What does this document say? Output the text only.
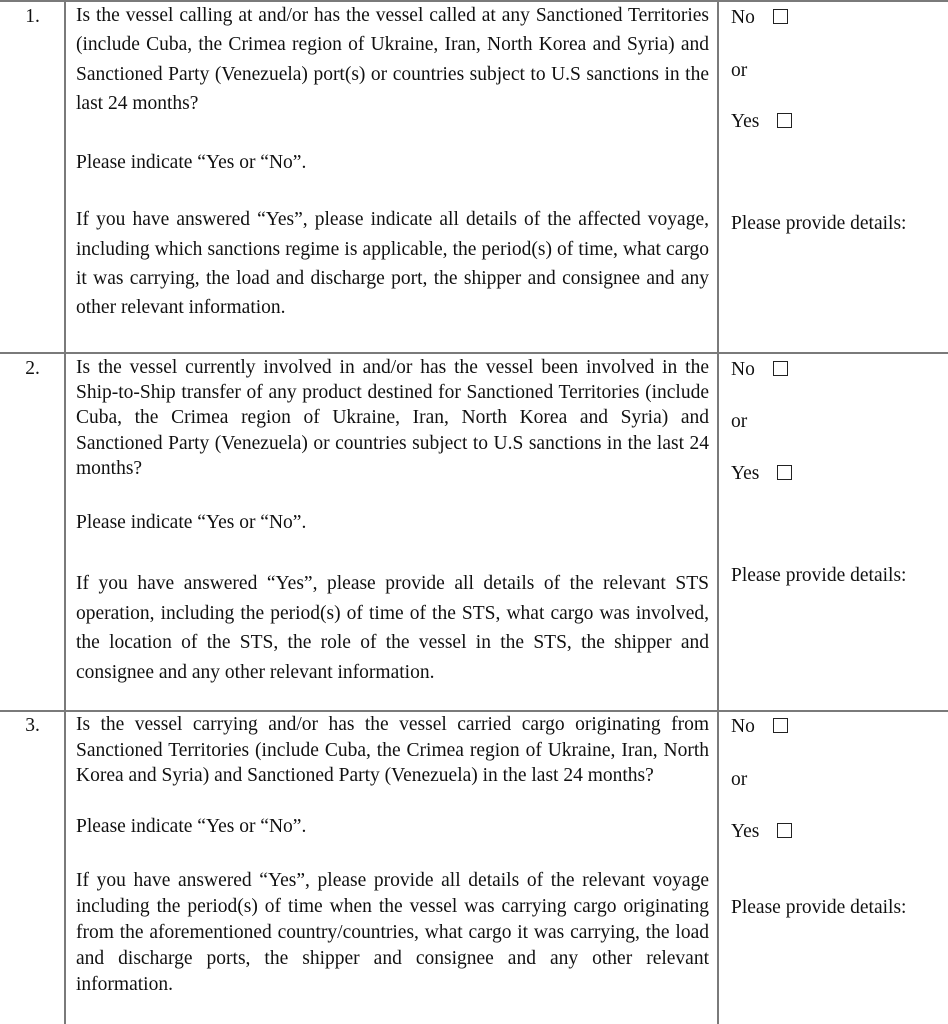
1.	Is the vessel calling at and/or has the vessel called at any Sanctioned Territories (include Cuba, the Crimea region of Ukraine, Iran, North Korea and Syria) and Sanctioned Party (Venezuela) port(s) or countries subject to U.S sanctions in the last 24 months?

Please indicate “Yes or “No”.

If you have answered “Yes”, please indicate all details of the affected voyage, including which sanctions regime is applicable, the period(s) of time, what cargo it was carrying, the load and discharge port, the shipper and consignee and any other relevant information.

No
or
Yes
Please provide details:
2.	Is the vessel currently involved in and/or has the vessel been involved in the Ship-to-Ship transfer of any product destined for Sanctioned Territories (include Cuba, the Crimea region of Ukraine, Iran, North Korea and Syria) and Sanctioned Party (Venezuela) or countries subject to U.S sanctions in the last 24 months?

Please indicate “Yes or “No”.

If you have answered “Yes”, please provide all details of the relevant STS operation, including the period(s) of time of the STS, what cargo was involved, the location of the STS, the role of the vessel in the STS, the shipper and consignee and any other relevant information.

No
or
Yes
Please provide details:
3.	Is the vessel carrying and/or has the vessel carried cargo originating from Sanctioned Territories (include Cuba, the Crimea region of Ukraine, Iran, North Korea and Syria) and Sanctioned Party (Venezuela) in the last 24 months?

Please indicate “Yes or “No”.

If you have answered “Yes”, please provide all details of the relevant voyage including the period(s) of time when the vessel was carrying cargo originating from the aforementioned country/countries, what cargo it was carrying, the load and discharge ports, the shipper and consignee and any other relevant information.

No
or
Yes
Please provide details:
